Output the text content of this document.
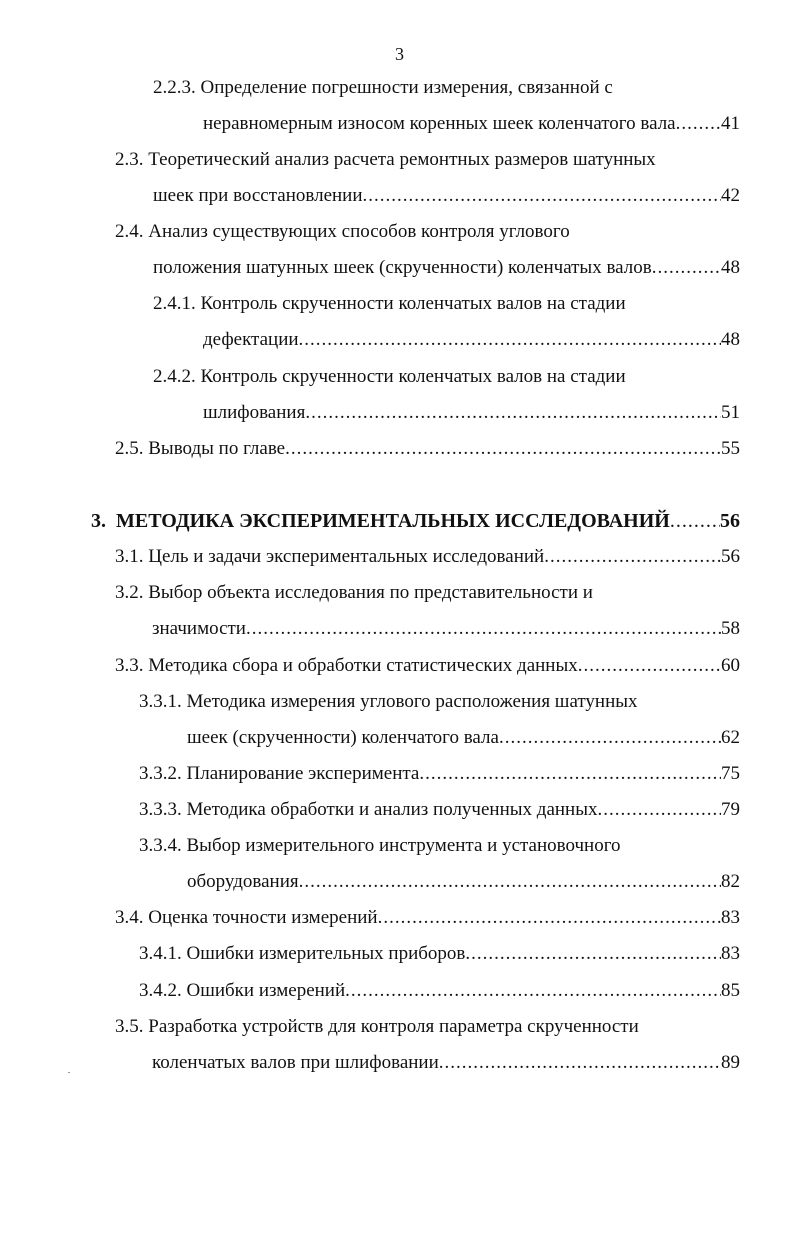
3
2.2.3. Определение погрешности измерения, связанной с
неравномерным износом коренных шеек коленчатого вала ..... 41
2.3. Теоретический анализ расчета ремонтных размеров шатунных
шеек при восстановлении .....	42
2.4. Анализ существующих способов контроля углового
положения шатунных шеек (скрученности) коленчатых валов .....	48
2.4.1. Контроль скрученности коленчатых валов на стадии
дефектации .....	48
2.4.2. Контроль скрученности коленчатых валов на стадии
шлифования .....	51
2.5. Выводы по главе .....	55
3. МЕТОДИКА ЭКСПЕРИМЕНТАЛЬНЫХ ИССЛЕДОВАНИЙ .....	56
3.1. Цель и задачи экспериментальных исследований .....	56
3.2. Выбор объекта исследования по представительности и
значимости .....	58
3.3. Методика сбора и обработки статистических данных .....	60
3.3.1. Методика измерения углового расположения шатунных
шеек (скрученности) коленчатого вала .....	62
3.3.2. Планирование эксперимента .....	75
3.3.3. Методика обработки и анализ полученных данных .....	79
3.3.4. Выбор измерительного инструмента и установочного
оборудования .....	82
3.4. Оценка точности измерений .....	83
3.4.1. Ошибки измерительных приборов .....	83
3.4.2. Ошибки измерений .....	85
3.5. Разработка устройств для контроля параметра скрученности
коленчатых валов при шлифовании .....	89
